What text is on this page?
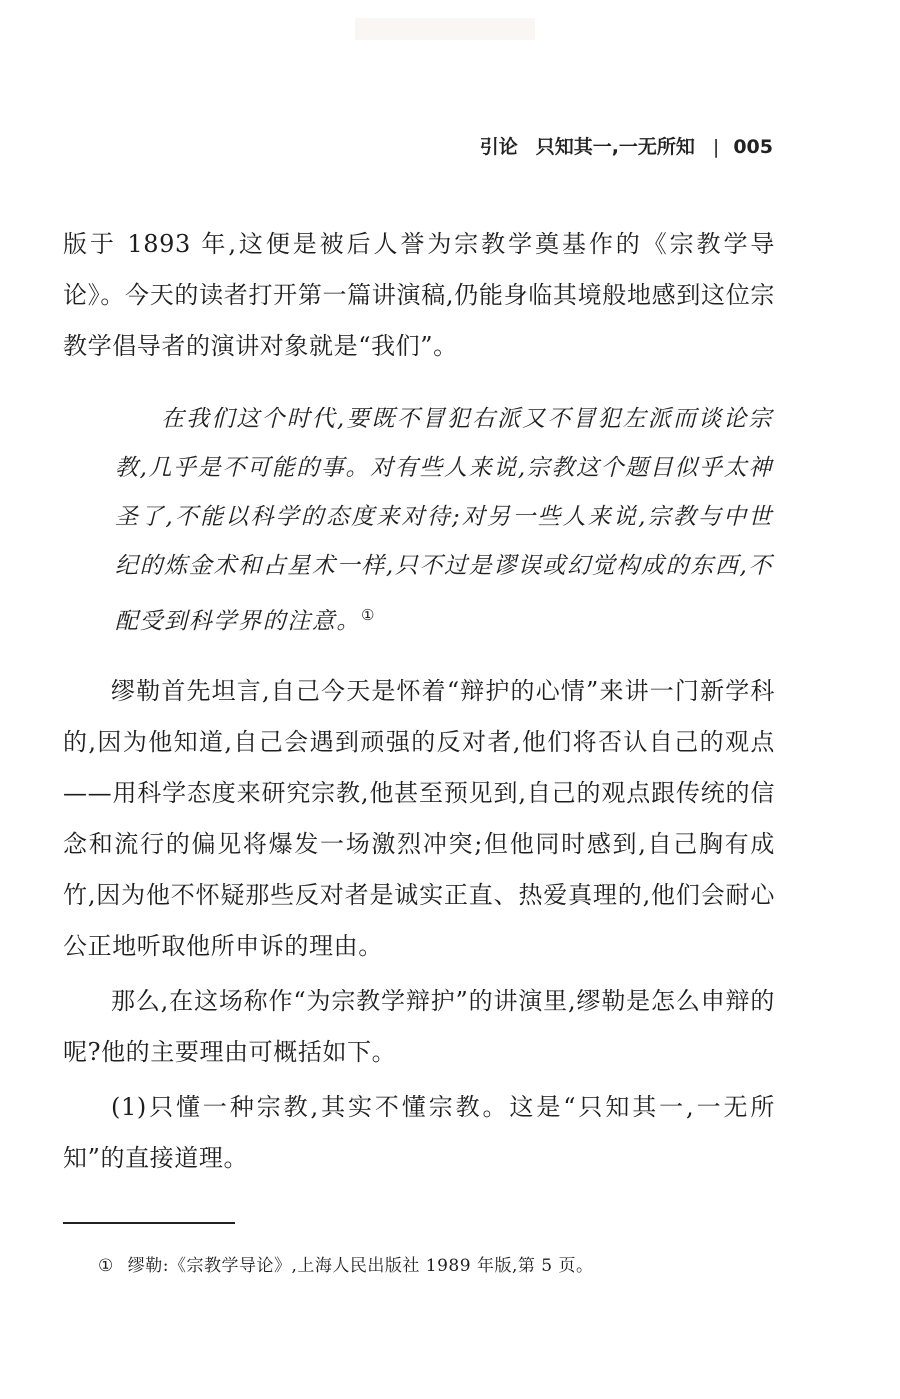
引论 只知其一,一无所知 | 005

版于 1893 年,这便是被后人誉为宗教学奠基作的《宗教学导论》。今天的读者打开第一篇讲演稿,仍能身临其境般地感到这位宗教学倡导者的演讲对象就是“我们”。

在我们这个时代,要既不冒犯右派又不冒犯左派而谈论宗教,几乎是不可能的事。对有些人来说,宗教这个题目似乎太神圣了,不能以科学的态度来对待;对另一些人来说,宗教与中世纪的炼金术和占星术一样,只不过是谬误或幻觉构成的东西,不配受到科学界的注意。①

缪勒首先坦言,自己今天是怀着“辩护的心情”来讲一门新学科的,因为他知道,自己会遇到顽强的反对者,他们将否认自己的观点——用科学态度来研究宗教,他甚至预见到,自己的观点跟传统的信念和流行的偏见将爆发一场激烈冲突;但他同时感到,自己胸有成竹,因为他不怀疑那些反对者是诚实正直、热爱真理的,他们会耐心公正地听取他所申诉的理由。

那么,在这场称作“为宗教学辩护”的讲演里,缪勒是怎么申辩的呢?他的主要理由可概括如下。

(1)只懂一种宗教,其实不懂宗教。这是“只知其一,一无所知”的直接道理。

① 缪勒:《宗教学导论》,上海人民出版社 1989 年版,第 5 页。
